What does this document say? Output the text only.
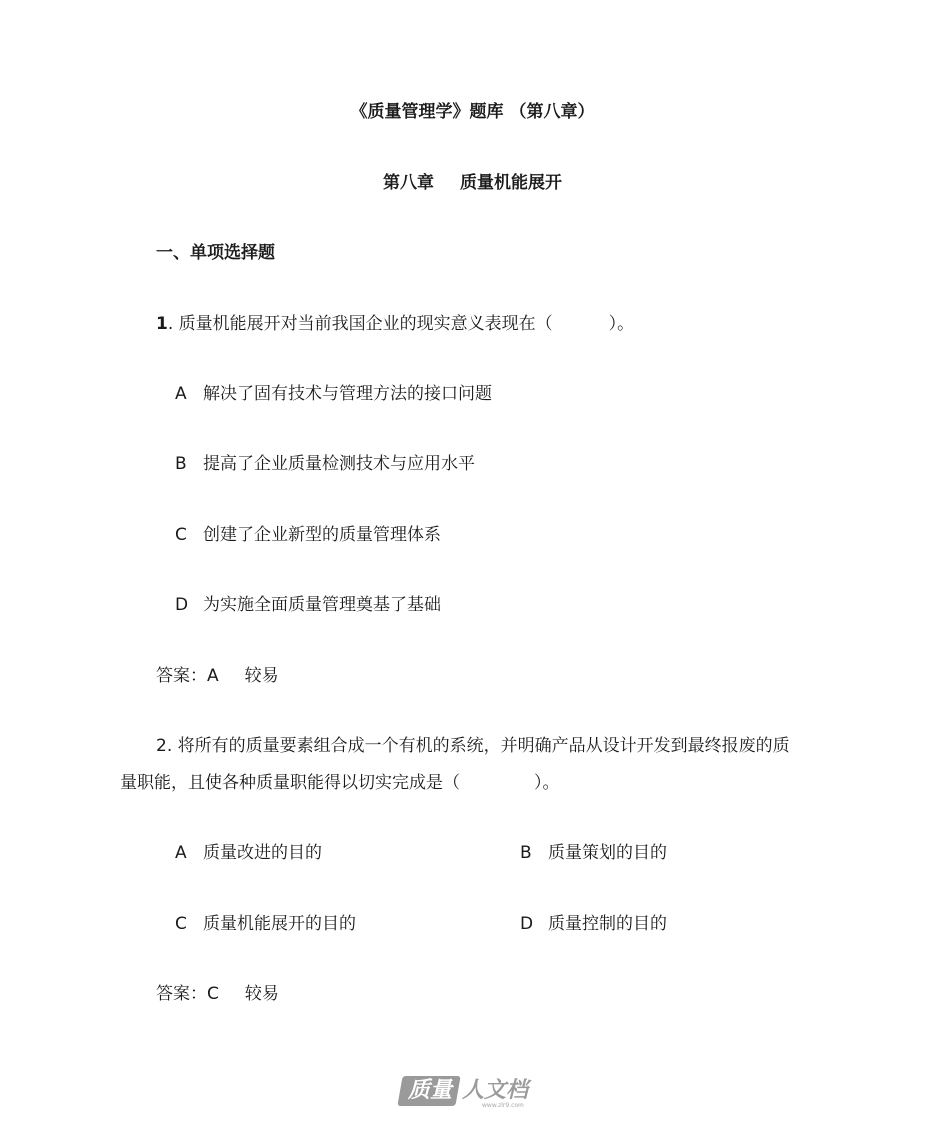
《质量管理学》题库 （第八章）
第八章 质量机能展开
一、单项选择题
1. 质量机能展开对当前我国企业的现实意义表现在（	）。
A 解决了固有技术与管理方法的接口问题
B 提高了企业质量检测技术与应用水平
C 创建了企业新型的质量管理体系
D 为实施全面质量管理奠基了基础
答案：A 较易
2. 将所有的质量要素组合成一个有机的系统，并明确产品从设计开发到最终报废的质
量职能，且使各种质量职能得以切实完成是（	）。
A 质量改进的目的	B 质量策划的目的
C 质量机能展开的目的	D 质量控制的目的
答案：C 较易
质量 人文档
www.zlr9.com
